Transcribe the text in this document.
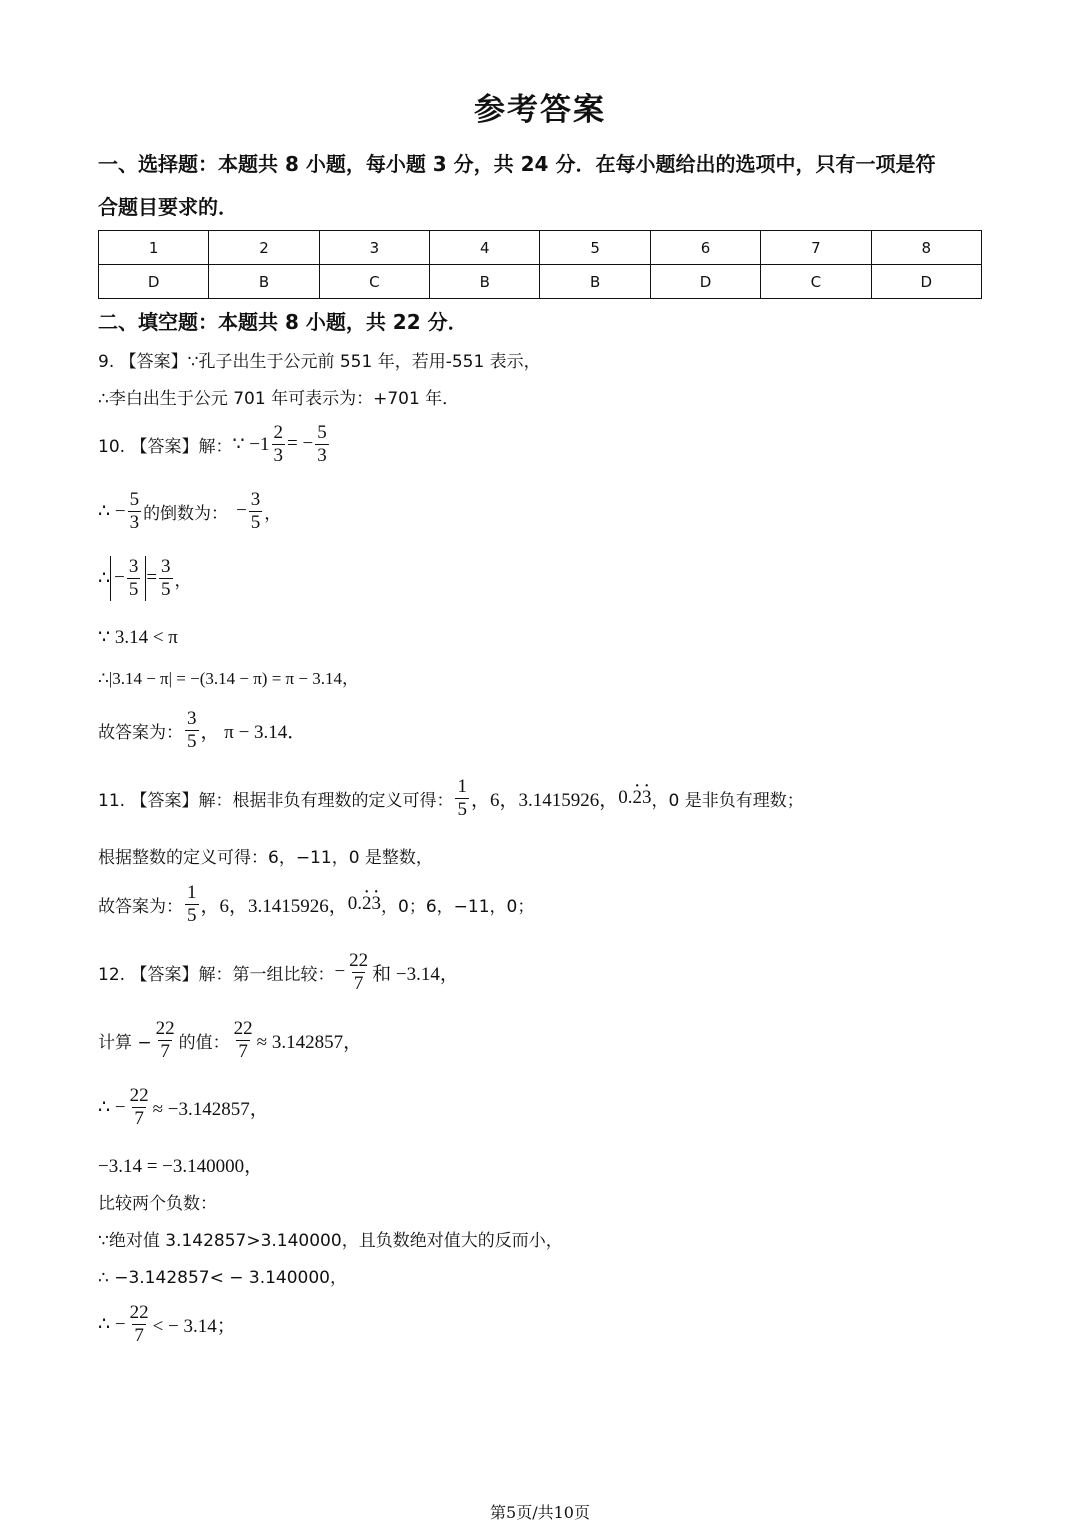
参考答案
一、选择题：本题共 8 小题，每小题 3 分，共 24 分．在每小题给出的选项中，只有一项是符
合题目要求的．
1	2	3	4	5	6	7	8
D	B	C	B	B	D	C	D
二、填空题：本题共 8 小题，共 22 分．
9. 【答案】∵孔子出生于公元前 551 年，若用-551 表示，
∴李白出生于公元 701 年可表示为：+701 年．
10. 【答案】解： ∵ $-1 \frac{2}{3}$ = − $\frac{5}{3}$
∴ − $\frac{5}{3}$ 的倒数为： − $\frac{3}{5}$ ，
∴ − $\frac{3}{5} = \frac{3}{5}$ ，
∵ 3.14 < π
∴|3.14 − π| = −(3.14 − π) = π − 3.14，
故答案为： $\frac{3}{5}$ ， π − 3.14．
11. 【答案】解：根据非负有理数的定义可得： $\frac{1}{5}$ ，6，3.1415926， 0.· 2· 3 ，0 是非负有理数；
根据整数的定义可得：6，−11，0 是整数，
故答案为： $\frac{1}{5}$ ，6，3.1415926， 0.· 2· 3 ，0；6，−11，0；
12. 【答案】解：第一组比较： − $\frac{22}{7}$ 和 −3.14，
计算 − $\frac{22}{7}$ 的值： $\frac{22}{7} \approx 3.142857$，
∴ − $\frac{22}{7} \approx -3.142857$，
−3.14 = −3.140000，
比较两个负数：
∵绝对值 3.142857>3.140000，且负数绝对值大的反而小，
∴ −3.142857< − 3.140000，
∴ − $\frac{22}{7}$ < − 3.14；
第5页/共10页
